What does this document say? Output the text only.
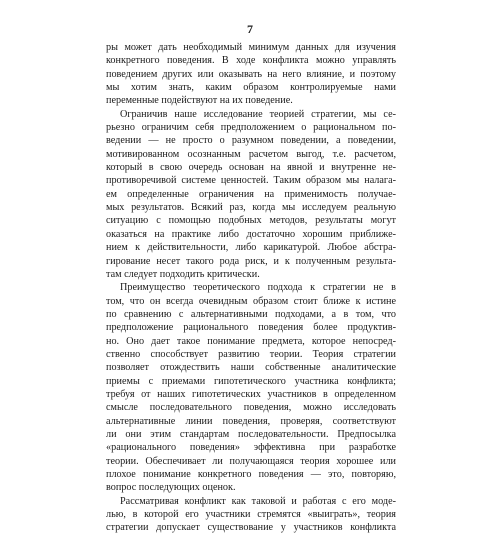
7
ры может дать необходимый минимум данных для изучения
конкретного поведения. В ходе конфликта можно управлять
поведением других или оказывать на него влияние, и поэтому
мы хотим знать, каким образом контролируемые нами
переменные подействуют на их поведение.
Ограничив наше исследование теорией стратегии, мы се-
рьезно ограничим себя предположением о рациональном по-
ведении — не просто о разумном поведении, а поведении,
мотивированном осознанным расчетом выгод, т.е. расчетом,
который в свою очередь основан на явной и внутренне не-
противоречивой системе ценностей. Таким образом мы налага-
ем определенные ограничения на применимость получае-
мых результатов. Всякий раз, когда мы исследуем реальную
ситуацию с помощью подобных методов, результаты могут
оказаться на практике либо достаточно хорошим приближе-
нием к действительности, либо карикатурой. Любое абстра-
гирование несет такого рода риск, и к полученным результа-
там следует подходить критически.
Преимущество теоретического подхода к стратегии не в
том, что он всегда очевидным образом стоит ближе к истине
по сравнению с альтернативными подходами, а в том, что
предположение рационального поведения более продуктив-
но. Оно дает такое понимание предмета, которое непосред-
ственно способствует развитию теории. Теория стратегии
позволяет отождествить наши собственные аналитические
приемы с приемами гипотетического участника конфликта;
требуя от наших гипотетических участников в определенном
смысле последовательного поведения, можно исследовать
альтернативные линии поведения, проверяя, соответствуют
ли они этим стандартам последовательности. Предпосылка
«рационального поведения» эффективна при разработке
теории. Обеспечивает ли получающаяся теория хорошее или
плохое понимание конкретного поведения — это, повторяю,
вопрос последующих оценок.
Рассматривая конфликт как таковой и работая с его моде-
лью, в которой его участники стремятся «выиграть», теория
стратегии допускает существование у участников конфликта
